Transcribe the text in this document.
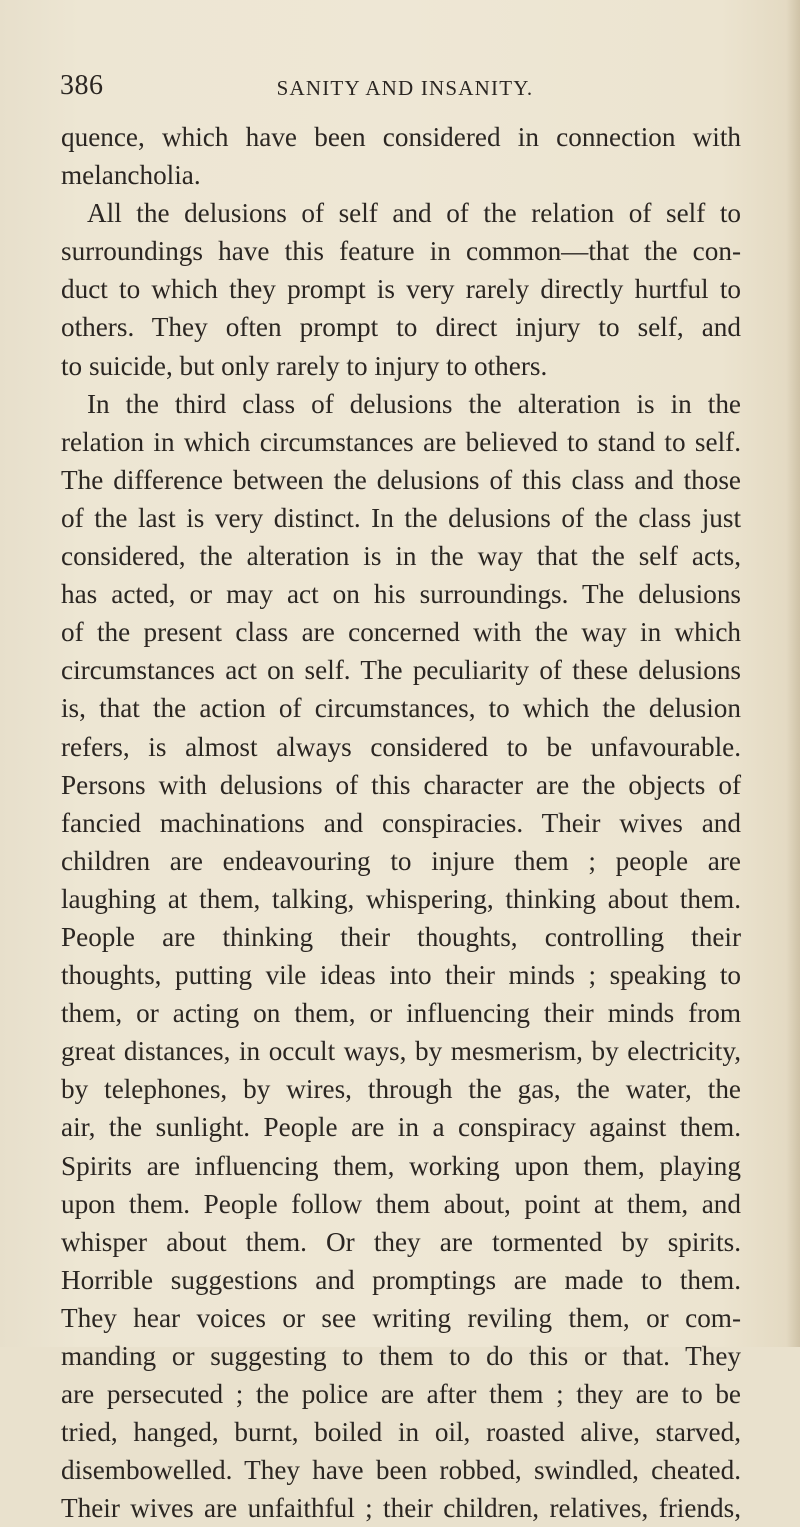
386	SANITY AND INSANITY.
quence, which have been considered in connection with
melancholia.
All the delusions of self and of the relation of self to
surroundings have this feature in common—that the con-
duct to which they prompt is very rarely directly hurtful to
others. They often prompt to direct injury to self, and
to suicide, but only rarely to injury to others.
In the third class of delusions the alteration is in the
relation in which circumstances are believed to stand to self.
The difference between the delusions of this class and those
of the last is very distinct. In the delusions of the class just
considered, the alteration is in the way that the self acts,
has acted, or may act on his surroundings. The delusions
of the present class are concerned with the way in which
circumstances act on self. The peculiarity of these delusions
is, that the action of circumstances, to which the delusion
refers, is almost always considered to be unfavourable.
Persons with delusions of this character are the objects of
fancied machinations and conspiracies. Their wives and
children are endeavouring to injure them ; people are
laughing at them, talking, whispering, thinking about them.
People are thinking their thoughts, controlling their
thoughts, putting vile ideas into their minds ; speaking to
them, or acting on them, or influencing their minds from
great distances, in occult ways, by mesmerism, by electricity,
by telephones, by wires, through the gas, the water, the
air, the sunlight. People are in a conspiracy against them.
Spirits are influencing them, working upon them, playing
upon them. People follow them about, point at them, and
whisper about them. Or they are tormented by spirits.
Horrible suggestions and promptings are made to them.
They hear voices or see writing reviling them, or com-
manding or suggesting to them to do this or that. They
are persecuted ; the police are after them ; they are to be
tried, hanged, burnt, boiled in oil, roasted alive, starved,
disembowelled. They have been robbed, swindled, cheated.
Their wives are unfaithful ; their children, relatives, friends,
